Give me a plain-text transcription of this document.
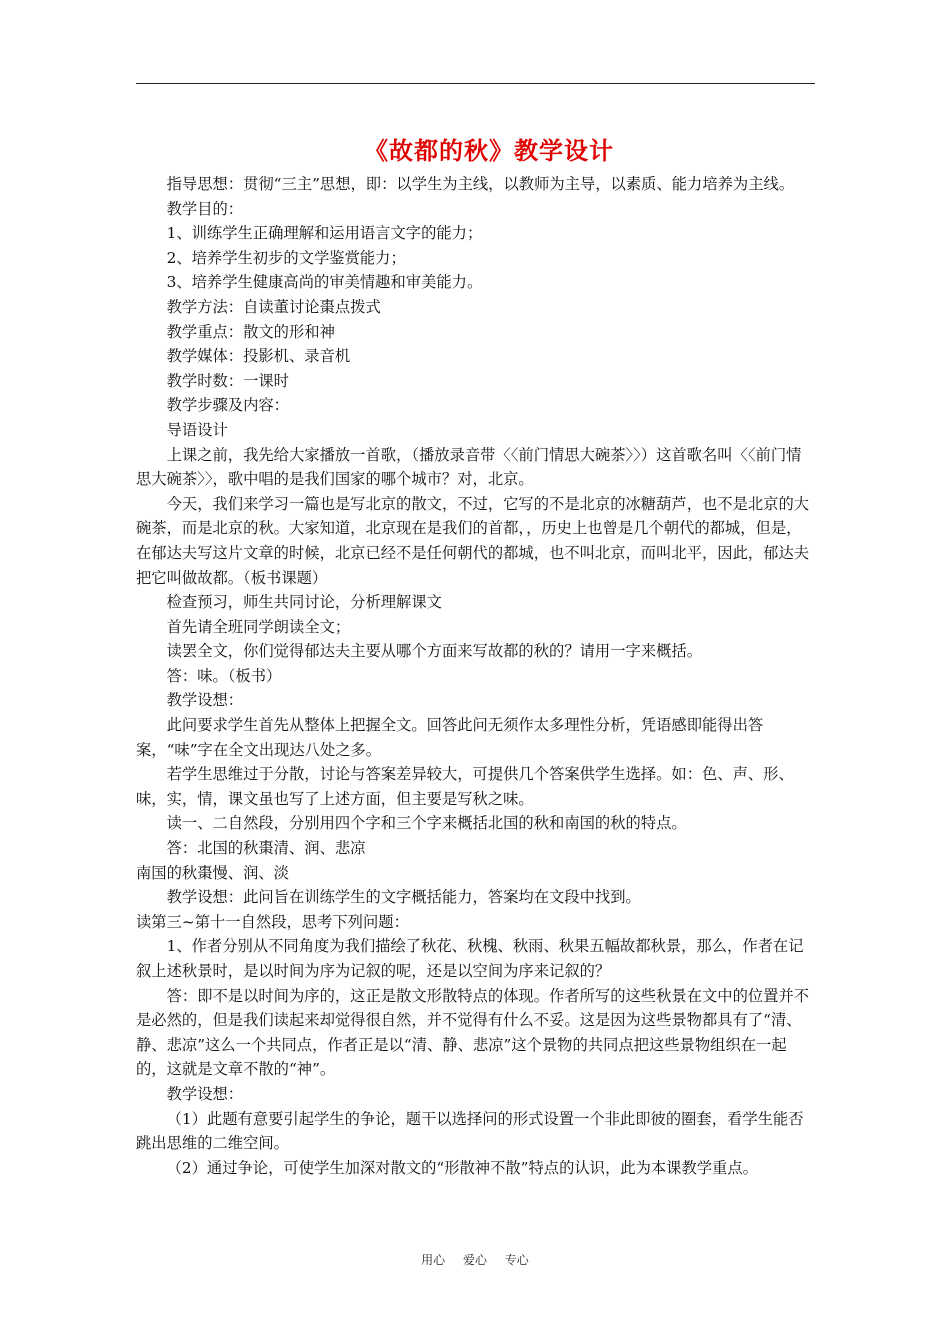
《故都的秋》教学设计

指导思想：贯彻“三主”思想，即：以学生为主线，以教师为主导，以素质、能力培养为主线。

教学目的：

1、训练学生正确理解和运用语言文字的能力；

2、培养学生初步的文学鉴赏能力；

3、培养学生健康高尚的审美情趣和审美能力。

教学方法：自读董讨论棗点拨式

教学重点：散文的形和神

教学媒体：投影机、录音机

教学时数：一课时

教学步骤及内容：

导语设计

上课之前，我先给大家播放一首歌，（播放录音带〈〈前门情思大碗茶〉〉）这首歌名叫〈〈前门情思大碗茶〉〉，歌中唱的是我们国家的哪个城市？对，北京。

今天，我们来学习一篇也是写北京的散文，不过，它写的不是北京的冰糖葫芦，也不是北京的大碗茶，而是北京的秋。大家知道，北京现在是我们的首都，，历史上也曾是几个朝代的都城，但是，在郁达夫写这片文章的时候，北京已经不是任何朝代的都城，也不叫北京，而叫北平，因此，郁达夫把它叫做故都。（板书课题）

检查预习，师生共同讨论，分析理解课文

首先请全班同学朗读全文；

读罢全文，你们觉得郁达夫主要从哪个方面来写故都的秋的？请用一字来概括。

答：味。（板书）

教学设想：

此问要求学生首先从整体上把握全文。回答此问无须作太多理性分析，凭语感即能得出答案，“味”字在全文出现达八处之多。

若学生思维过于分散，讨论与答案差异较大，可提供几个答案供学生选择。如：色、声、形、味，实，情，课文虽也写了上述方面，但主要是写秋之味。

读一、二自然段，分别用四个字和三个字来概括北国的秋和南国的秋的特点。

答：北国的秋棗清、润、悲凉

南国的秋棗慢、润、淡

教学设想：此问旨在训练学生的文字概括能力，答案均在文段中找到。

读第三~第十一自然段，思考下列问题：

1、作者分别从不同角度为我们描绘了秋花、秋槐、秋雨、秋果五幅故都秋景，那么，作者在记叙上述秋景时，是以时间为序为记叙的呢，还是以空间为序来记叙的？

答：即不是以时间为序的，这正是散文形散特点的体现。作者所写的这些秋景在文中的位置并不是必然的，但是我们读起来却觉得很自然，并不觉得有什么不妥。这是因为这些景物都具有了“清、静、悲凉”这么一个共同点，作者正是以“清、静、悲凉”这个景物的共同点把这些景物组织在一起的，这就是文章不散的“神”。

教学设想：

（1）此题有意要引起学生的争论，题干以选择问的形式设置一个非此即彼的圈套，看学生能否跳出思维的二维空间。

（2）通过争论，可使学生加深对散文的“形散神不散”特点的认识，此为本课教学重点。

用心 爱心 专心
